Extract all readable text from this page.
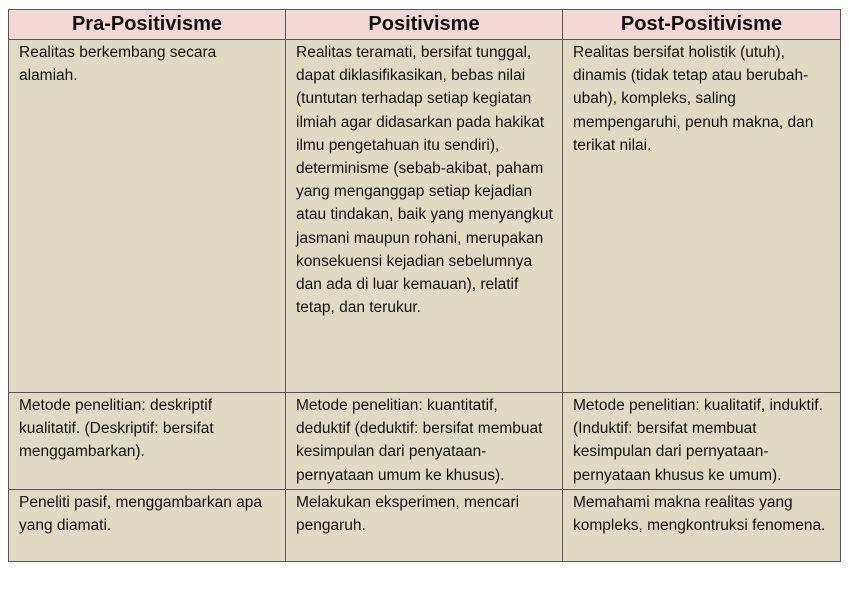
Pra-Positivisme	Positivisme	Post-Positivisme

Realitas berkembang secara alamiah.	Realitas teramati, bersifat tunggal, dapat diklasifikasikan, bebas nilai (tuntutan terhadap setiap kegiatan ilmiah agar didasarkan pada hakikat ilmu pengetahuan itu sendiri), determinisme (sebab-akibat, paham yang menganggap setiap kejadian atau tindakan, baik yang menyangkut jasmani maupun rohani, merupakan konsekuensi kejadian sebelumnya dan ada di luar kemauan), relatif tetap, dan terukur.	Realitas bersifat holistik (utuh), dinamis (tidak tetap atau berubah-ubah), kompleks, saling mempengaruhi, penuh makna, dan terikat nilai.

Metode penelitian: deskriptif kualitatif. (Deskriptif: bersifat menggambarkan).	Metode penelitian: kuantitatif, deduktif (deduktif: bersifat membuat kesimpulan dari penyataan-pernyataan umum ke khusus).	Metode penelitian: kualitatif, induktif. (Induktif: bersifat membuat kesimpulan dari pernyataan-pernyataan khusus ke umum).

Peneliti pasif, menggambarkan apa yang diamati.	Melakukan eksperimen, mencari pengaruh.	Memahami makna realitas yang kompleks, mengkontruksi fenomena.
